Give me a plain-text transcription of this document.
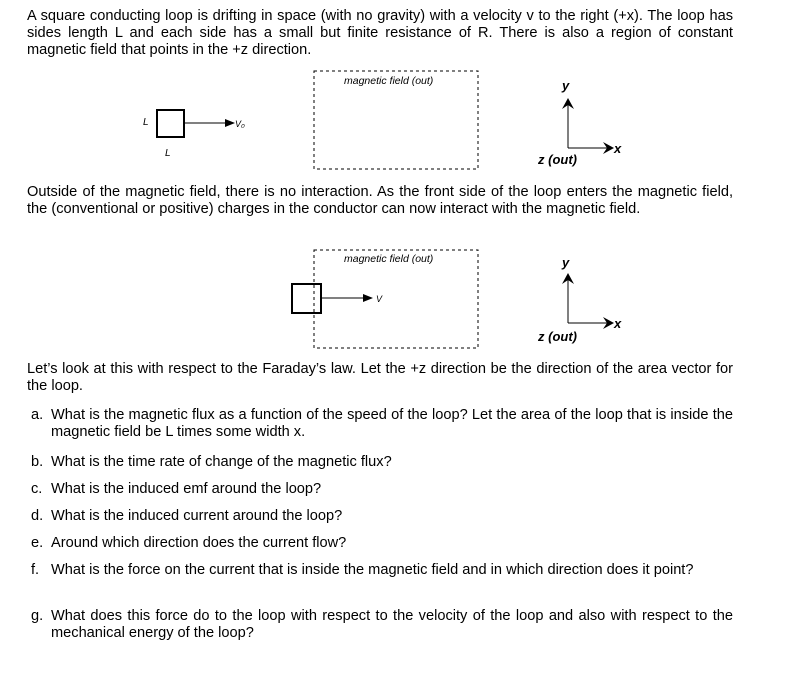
A square conducting loop is drifting in space (with no gravity) with a velocity v to the right (+x). The loop has sides length L and each side has a small but finite resistance of R. There is also a region of constant magnetic field that points in the +z direction.

magnetic field (out)
L
L
V₀
y
x
z (out)
magnetic field (out)
V
y
x
z (out)

Outside of the magnetic field, there is no interaction. As the front side of the loop enters the magnetic field, the (conventional or positive) charges in the conductor can now interact with the magnetic field.

Let’s look at this with respect to the Faraday’s law. Let the +z direction be the direction of the area vector for the loop.

a. What is the magnetic flux as a function of the speed of the loop? Let the area of the loop that is inside the magnetic field be L times some width x.
b. What is the time rate of change of the magnetic flux?
c. What is the induced emf around the loop?
d. What is the induced current around the loop?
e. Around which direction does the current flow?
f. What is the force on the current that is inside the magnetic field and in which direction does it point?
g. What does this force do to the loop with respect to the velocity of the loop and also with respect to the mechanical energy of the loop?
